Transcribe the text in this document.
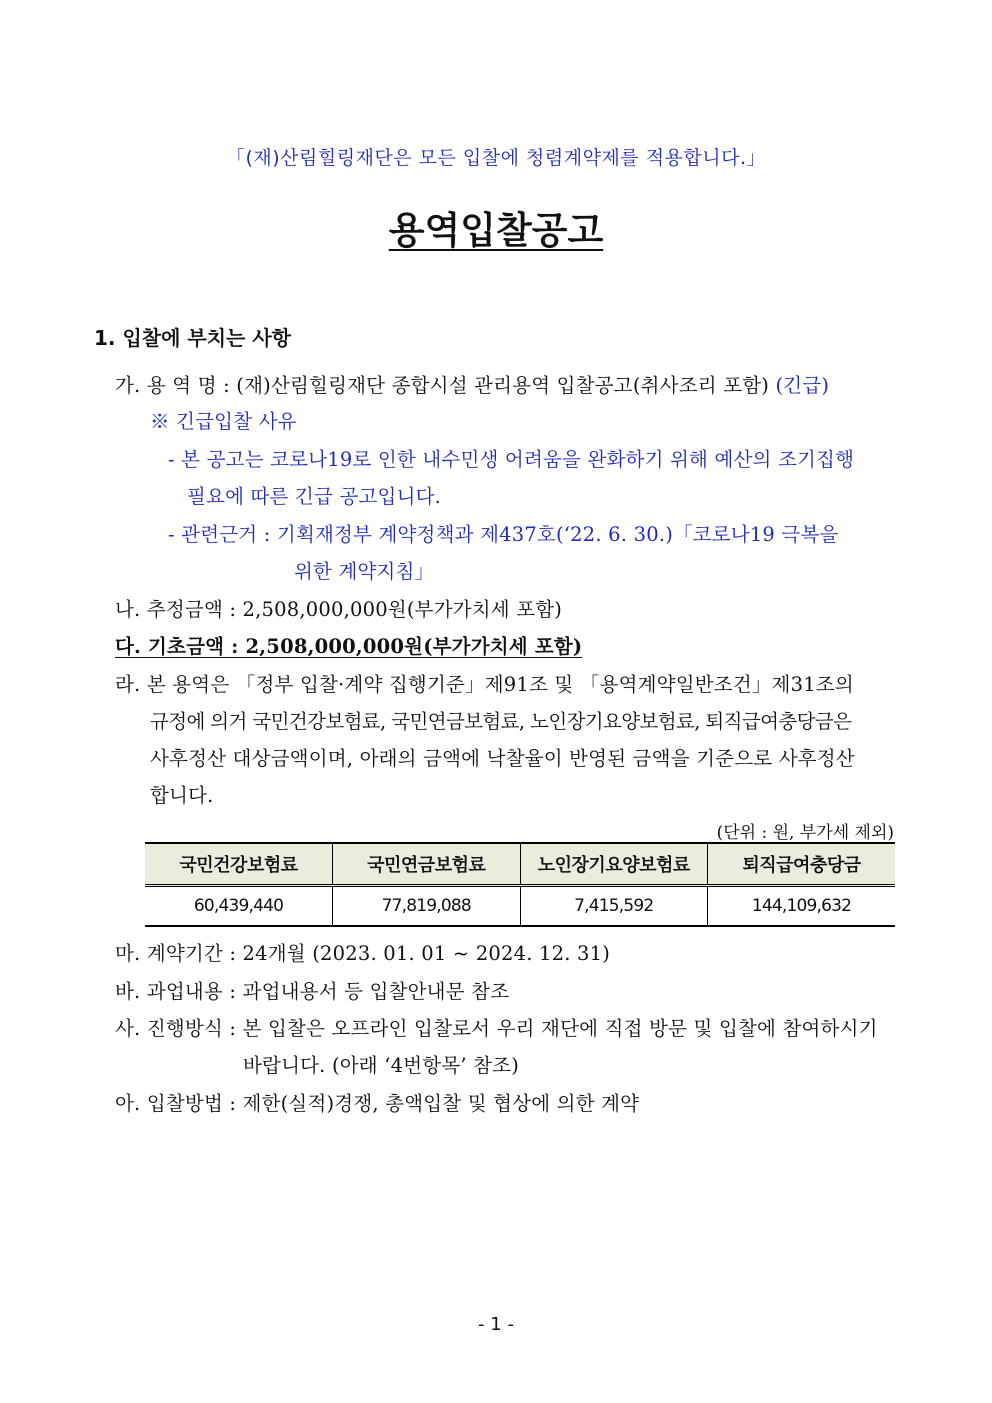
「(재)산림힐링재단은 모든 입찰에 청렴계약제를 적용합니다.」
용역입찰공고
1. 입찰에 부치는 사항
가. 용 역 명 : (재)산림힐링재단 종합시설 관리용역 입찰공고(취사조리 포함) (긴급)
※ 긴급입찰 사유
- 본 공고는 코로나19로 인한 내수민생 어려움을 완화하기 위해 예산의 조기집행
필요에 따른 긴급 공고입니다.
- 관련근거 : 기획재정부 계약정책과 제437호(‘22. 6. 30.)「코로나19 극복을
위한 계약지침」
나. 추정금액 : 2,508,000,000원(부가가치세 포함)
다. 기초금액 : 2,508,000,000원(부가가치세 포함)
라. 본 용역은 「정부 입찰·계약 집행기준」제91조 및 「용역계약일반조건」제31조의
규정에 의거 국민건강보험료, 국민연금보험료, 노인장기요양보험료, 퇴직급여충당금은
사후정산 대상금액이며, 아래의 금액에 낙찰율이 반영된 금액을 기준으로 사후정산
합니다.
(단위 : 원, 부가세 제외)
국민건강보험료	국민연금보험료	노인장기요양보험료	퇴직급여충당금
60,439,440	77,819,088	7,415,592	144,109,632
마. 계약기간 : 24개월 (2023. 01. 01 ~ 2024. 12. 31)
바. 과업내용 : 과업내용서 등 입찰안내문 참조
사. 진행방식 : 본 입찰은 오프라인 입찰로서 우리 재단에 직접 방문 및 입찰에 참여하시기
바랍니다. (아래 ‘4번항목’ 참조)
아. 입찰방법 : 제한(실적)경쟁, 총액입찰 및 협상에 의한 계약
- 1 -
